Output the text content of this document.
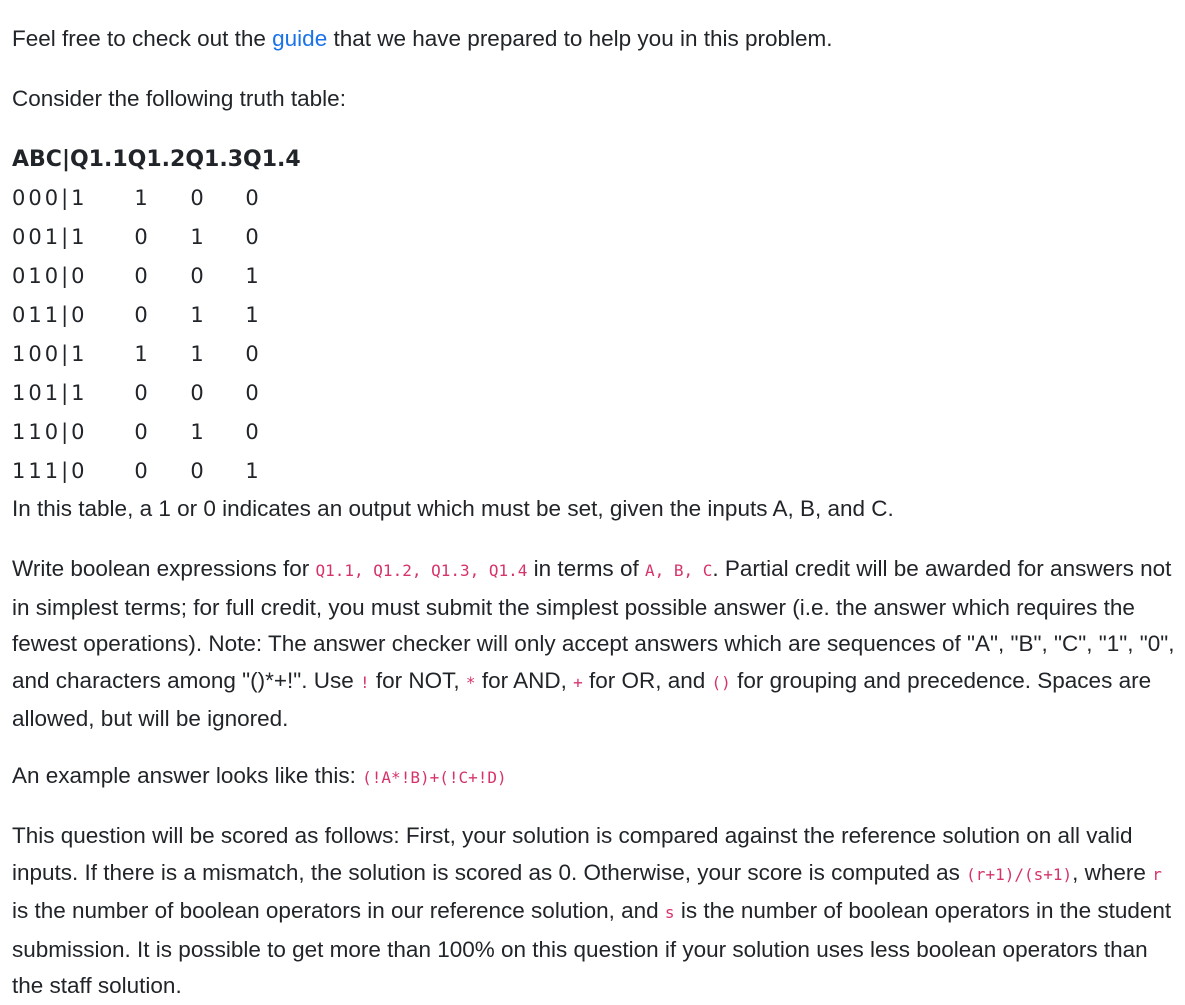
Feel free to check out the guide that we have prepared to help you in this problem.

Consider the following truth table:

ABC|Q1.1Q1.2Q1.3Q1.4
000|1 1 0 0
001|1 0 1 0
010|0 0 0 1
011|0 0 1 1
100|1 1 1 0
101|1 0 0 0
110|0 0 1 0
111|0 0 0 1

In this table, a 1 or 0 indicates an output which must be set, given the inputs A, B, and C.

Write boolean expressions for Q1.1, Q1.2, Q1.3, Q1.4 in terms of A, B, C. Partial credit will be awarded for answers not in simplest terms; for full credit, you must submit the simplest possible answer (i.e. the answer which requires the fewest operations). Note: The answer checker will only accept answers which are sequences of "A", "B", "C", "1", "0", and characters among "()*+!". Use ! for NOT, * for AND, + for OR, and () for grouping and precedence. Spaces are allowed, but will be ignored.

An example answer looks like this: (!A*!B)+(!C+!D)

This question will be scored as follows: First, your solution is compared against the reference solution on all valid inputs. If there is a mismatch, the solution is scored as 0. Otherwise, your score is computed as (r+1)/(s+1), where r is the number of boolean operators in our reference solution, and s is the number of boolean operators in the student submission. It is possible to get more than 100% on this question if your solution uses less boolean operators than the staff solution.
